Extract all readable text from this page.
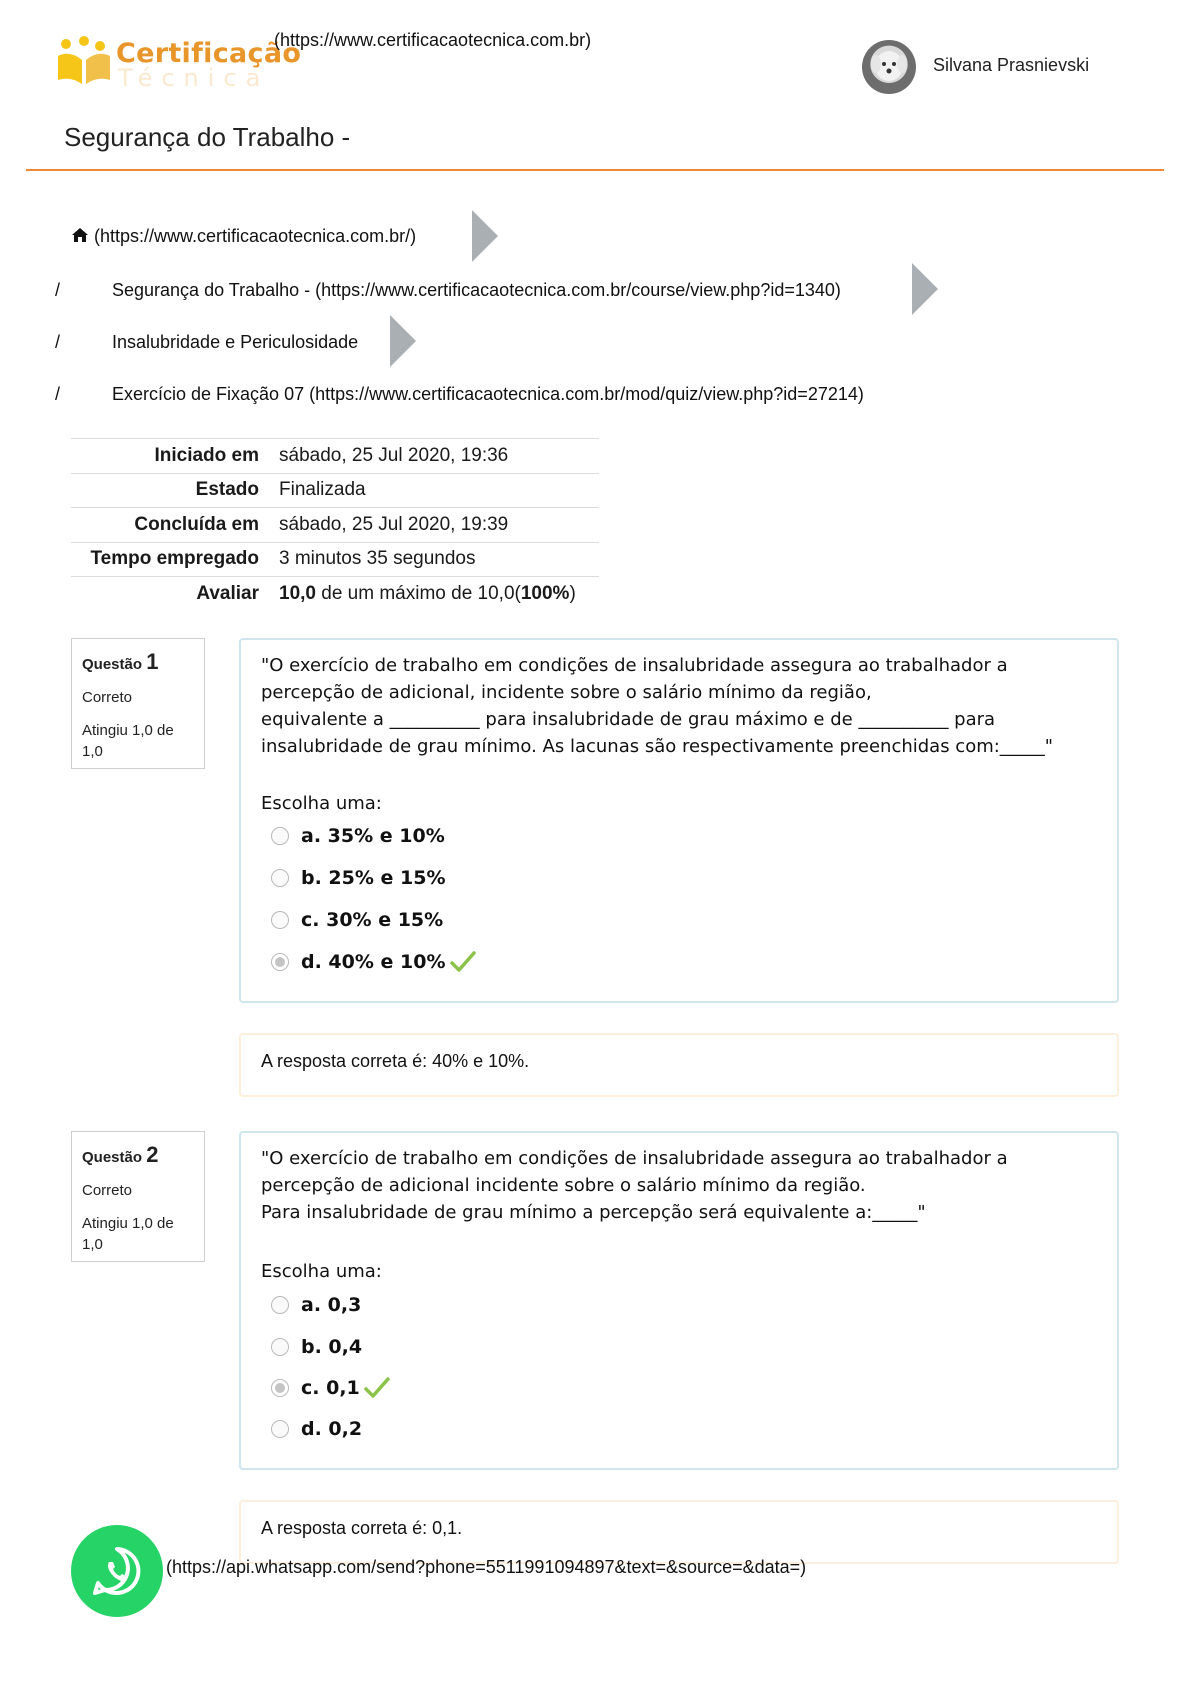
Certificação
Técnica
(https://www.certificacaotecnica.com.br)
Silvana Prasnievski
Segurança do Trabalho -
(https://www.certificacaotecnica.com.br/)
/	Segurança do Trabalho - (https://www.certificacaotecnica.com.br/course/view.php?id=1340)
/	Insalubridade e Periculosidade
/	Exercício de Fixação 07 (https://www.certificacaotecnica.com.br/mod/quiz/view.php?id=27214)
Iniciado em	sábado, 25 Jul 2020, 19:36
Estado	Finalizada
Concluída em	sábado, 25 Jul 2020, 19:39
Tempo empregado	3 minutos 35 segundos
Avaliar	10,0 de um máximo de 10,0(100%)
Questão 1
Correto
Atingiu 1,0 de 1,0
"O exercício de trabalho em condições de insalubridade assegura ao trabalhador a
percepção de adicional, incidente sobre o salário mínimo da região,
equivalente a __________ para insalubridade de grau máximo e de __________ para
insalubridade de grau mínimo. As lacunas são respectivamente preenchidas com:_____"
Escolha uma:
a. 35% e 10%
b. 25% e 15%
c. 30% e 15%
d. 40% e 10%
A resposta correta é: 40% e 10%.
Questão 2
Correto
Atingiu 1,0 de 1,0
"O exercício de trabalho em condições de insalubridade assegura ao trabalhador a
percepção de adicional incidente sobre o salário mínimo da região.
Para insalubridade de grau mínimo a percepção será equivalente a:_____"
Escolha uma:
a. 0,3
b. 0,4
c. 0,1
d. 0,2
A resposta correta é: 0,1.
(https://api.whatsapp.com/send?phone=5511991094897&text=&source=&data=)
